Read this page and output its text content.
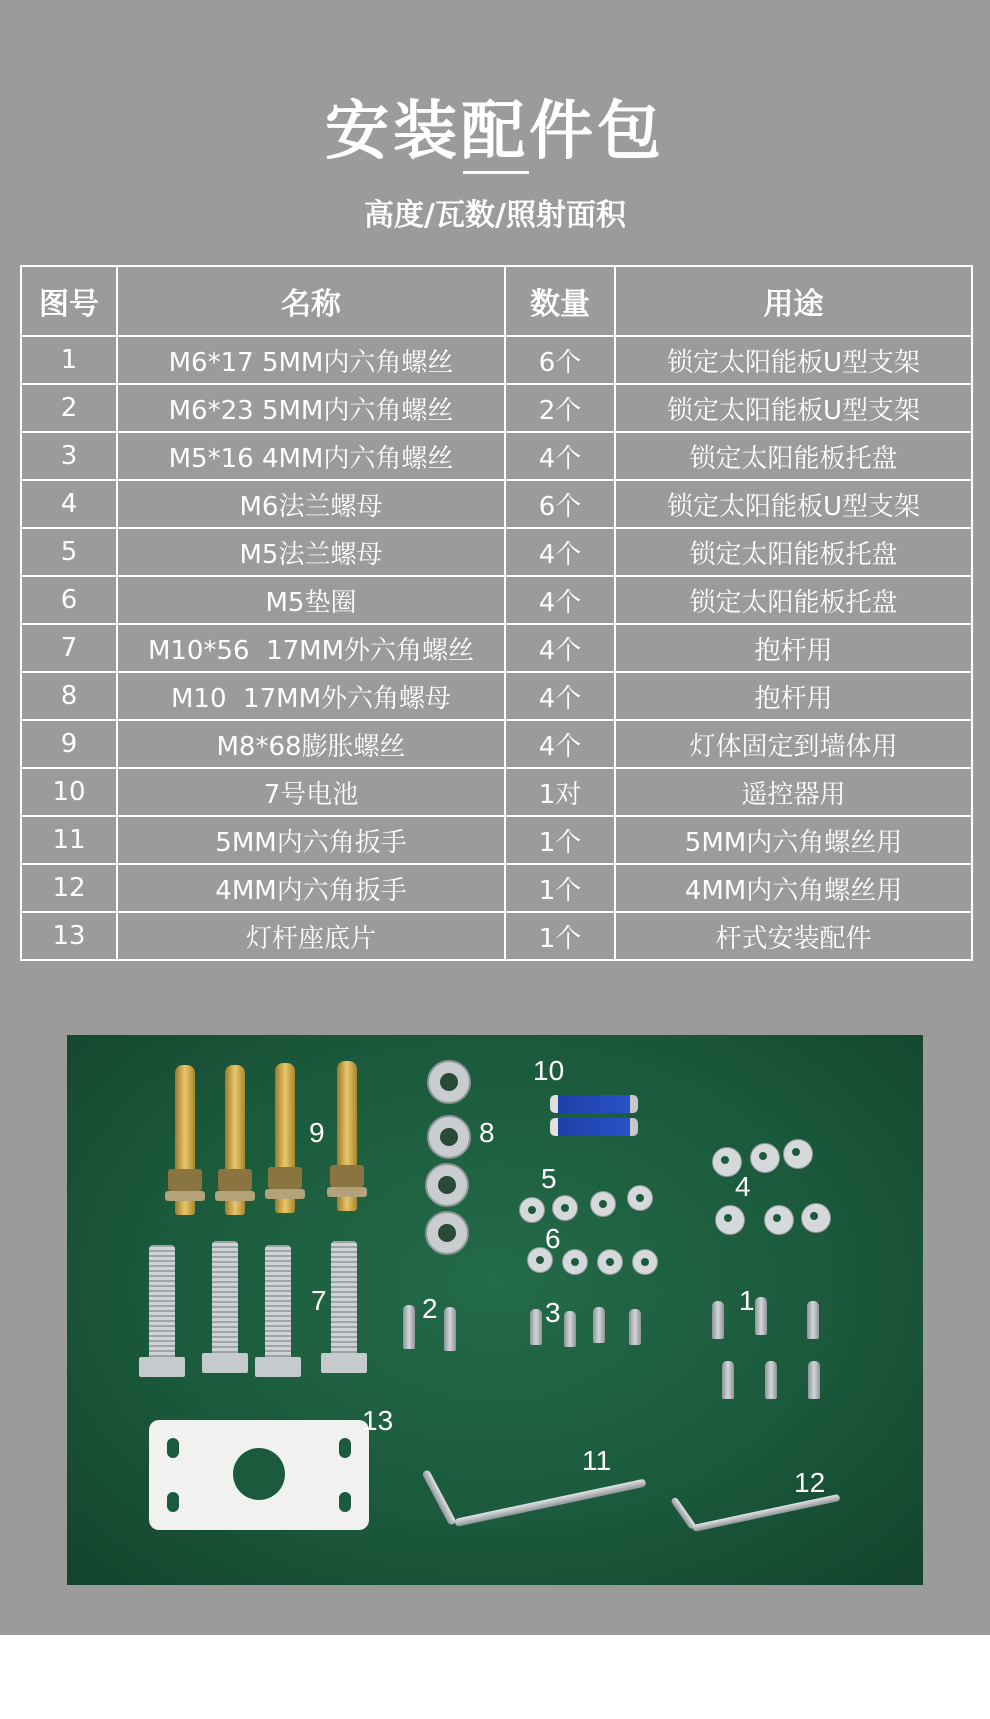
安装配件包
高度/瓦数/照射面积
图号	名称	数量	用途
1	M6*17 5MM内六角螺丝	6个	锁定太阳能板U型支架
2	M6*23 5MM内六角螺丝	2个	锁定太阳能板U型支架
3	M5*16 4MM内六角螺丝	4个	锁定太阳能板托盘
4	M6法兰螺母	6个	锁定太阳能板U型支架
5	M5法兰螺母	4个	锁定太阳能板托盘
6	M5垫圈	4个	锁定太阳能板托盘
7	M10*56  17MM外六角螺丝	4个	抱杆用
8	M10  17MM外六角螺母	4个	抱杆用
9	M8*68膨胀螺丝	4个	灯体固定到墙体用
10	7号电池	1对	遥控器用
11	5MM内六角扳手	1个	5MM内六角螺丝用
12	4MM内六角扳手	1个	4MM内六角螺丝用
13	灯杆座底片	1个	杆式安装配件
9	8
10
5	4
6
7	2	3	1
13
11
12
